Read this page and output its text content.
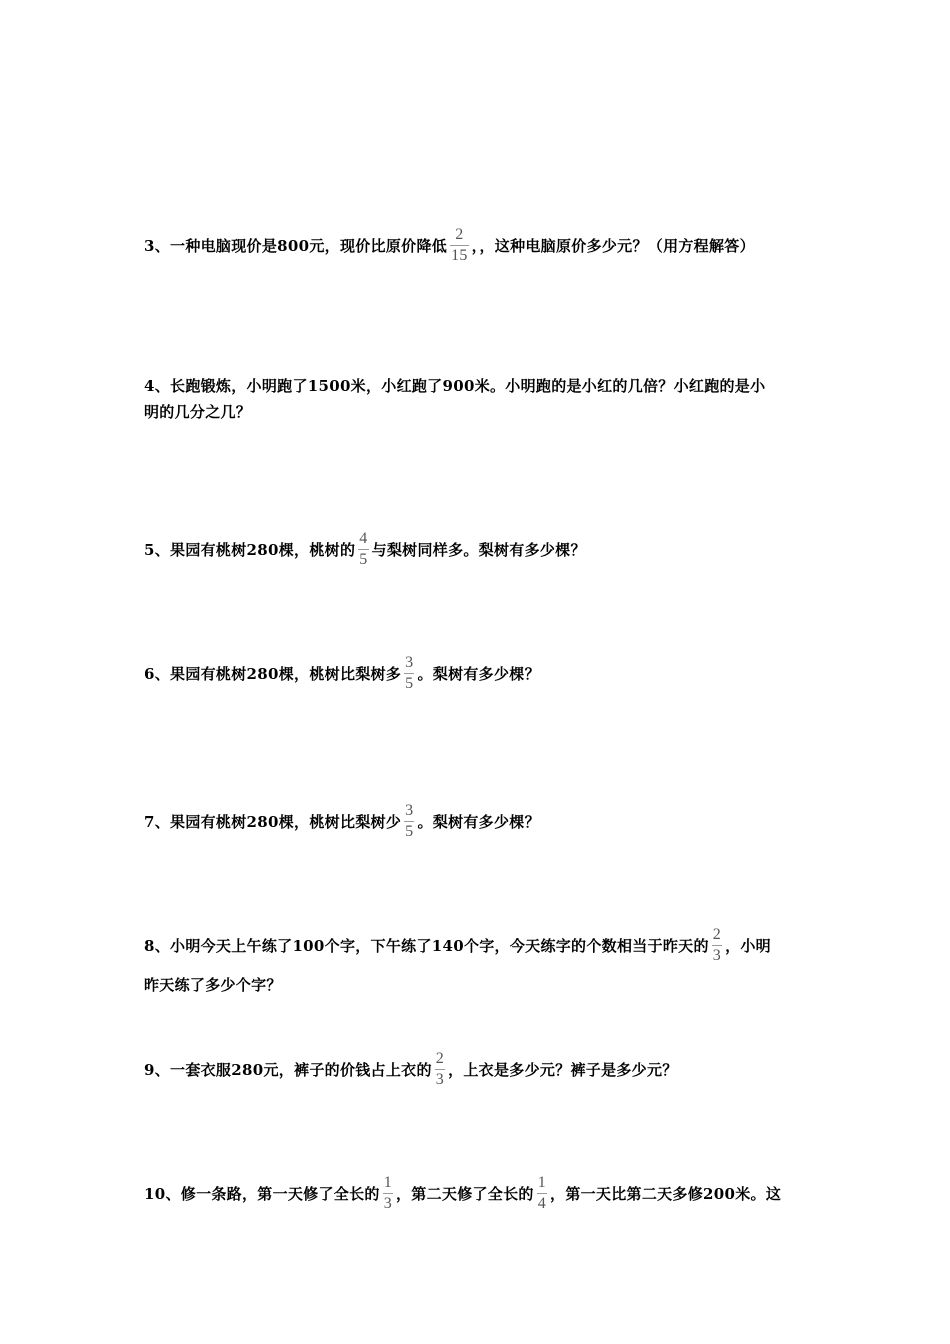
3、一种电脑现价是800元，现价比原价降低 $\frac{2}{15}$ ，，这种电脑原价多少元？（用方程解答）
4、长跑锻炼，小明跑了1500米，小红跑了900米。小明跑的是小红的几倍？小红跑的是小
明的几分之几？
5、果园有桃树280棵，桃树的 $\frac{4}{5}$ 与梨树同样多。梨树有多少棵？
6、果园有桃树280棵，桃树比梨树多 $\frac{3}{5}$ 。梨树有多少棵？
7、果园有桃树280棵，桃树比梨树少 $\frac{3}{5}$ 。梨树有多少棵？
8、小明今天上午练了100个字，下午练了140个字，今天练字的个数相当于昨天的 $\frac{2}{3}$ ，小明
昨天练了多少个字？
9、一套衣服280元，裤子的价钱占上衣的 $\frac{2}{3}$ ，上衣是多少元？裤子是多少元？
10、修一条路，第一天修了全长的 $\frac{1}{3}$ ，第二天修了全长的 $\frac{1}{4}$ ，第一天比第二天多修200米。这
